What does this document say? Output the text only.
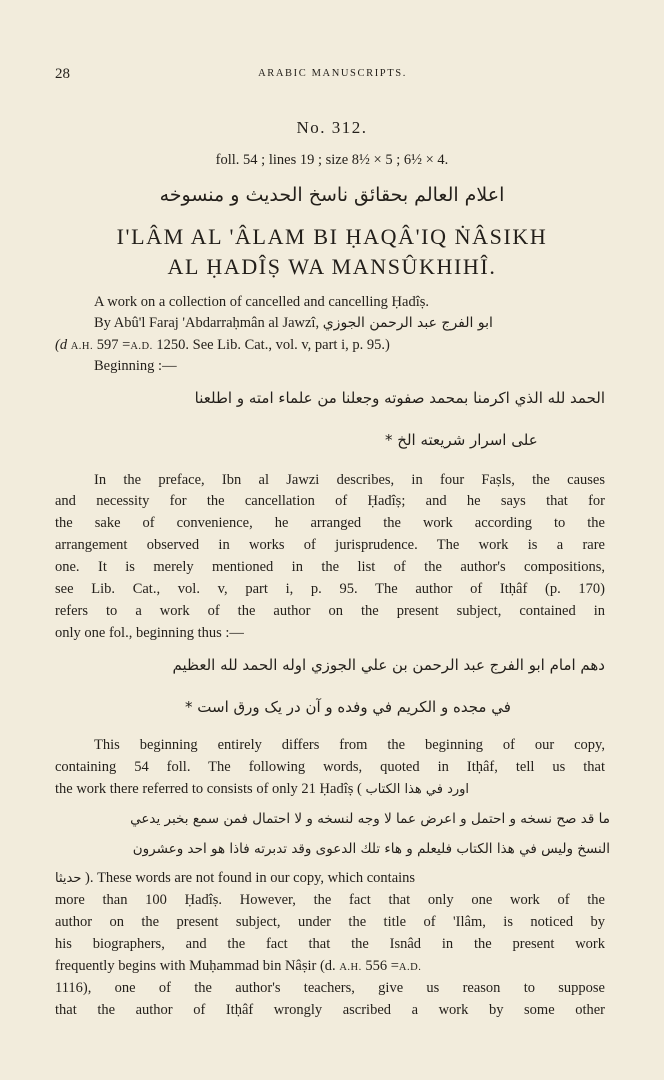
28	ARABIC MANUSCRIPTS.
No. 312.
foll. 54 ; lines 19 ; size 8½ × 5 ; 6½ × 4.
اعلام العالم بحقائق ناسخ الحديث و منسوخه
I'LÂM AL 'ÂLAM BI ḤAQÂ'IQ ṄÂSIKH
AL ḤADÎṢ WA MANSÛKHIHÎ.
A work on a collection of cancelled and cancelling Ḥadîṣ.
By Abû'l Faraj 'Abdarraḥmân al Jawzî, ابو الفرج عبد الرحمن الجوزي
(d A.H. 597 =A.D. 1250. See Lib. Cat., vol. v, part i, p. 95.)
Beginning :—
الحمد لله الذي اكرمنا بمحمد صفوته وجعلنا من علماء امته و اطلعنا
على اسرار شريعته الخ *
In the preface, Ibn al Jawzi describes, in four Faṣls, the causes
and necessity for the cancellation of Ḥadîṣ; and he says that for
the sake of convenience, he arranged the work according to the
arrangement observed in works of jurisprudence. The work is a rare
one. It is merely mentioned in the list of the author's compositions,
see Lib. Cat., vol. v, part i, p. 95. The author of Itḥâf (p. 170)
refers to a work of the author on the present subject, contained in
only one fol., beginning thus :—
دهم امام ابو الفرج عبد الرحمن بن علي الجوزي اوله الحمد لله العظيم
في مجده و الكريم في وفده و آن در يک ورق است *
This beginning entirely differs from the beginning of our copy,
containing 54 foll. The following words, quoted in Itḥâf, tell us that
the work there referred to consists of only 21 Ḥadîṣ ( اورد في هذا الكتاب
ما قد صح نسخه و احتمل و اعرض عما لا وجه لنسخه و لا احتمال فمن سمع بخبر يدعي
النسخ وليس في هذا الكتاب فليعلم و هاء تلك الدعوى وقد تدبرته فاذا هو احد وعشرون
حديثا ). These words are not found in our copy, which contains
more than 100 Ḥadîṣ. However, the fact that only one work of the
author on the present subject, under the title of 'Ilâm, is noticed by
his biographers, and the fact that the Isnâd in the present work
frequently begins with Muḥammad bin Nâṣir (d. A.H. 556 =A.D.
1116), one of the author's teachers, give us reason to suppose
that the author of Itḥâf wrongly ascribed a work by some other
